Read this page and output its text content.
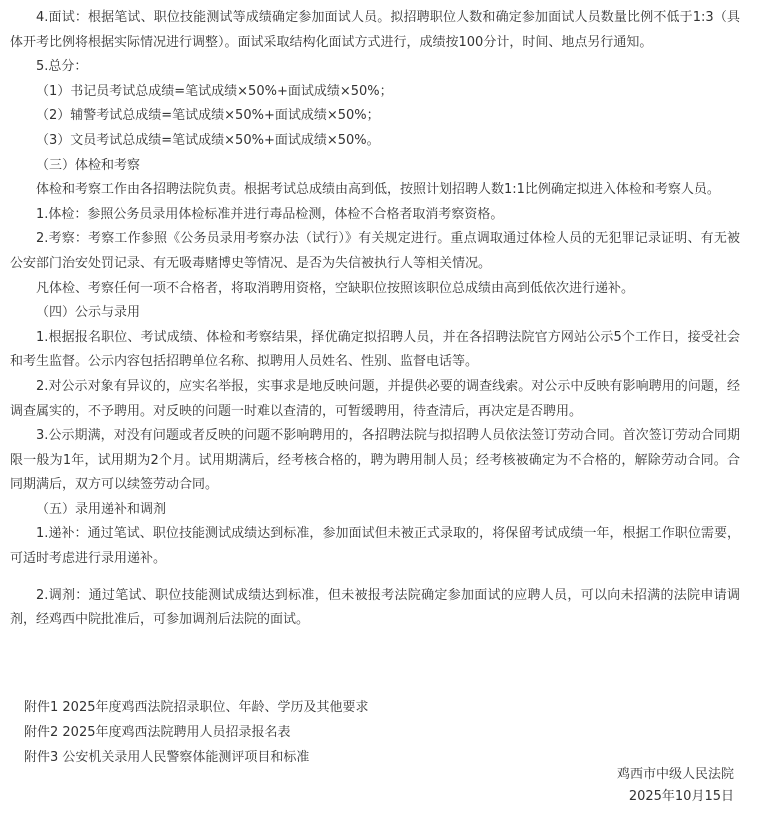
4.面试：根据笔试、职位技能测试等成绩确定参加面试人员。拟招聘职位人数和确定参加面试人员数量比例不低于1:3（具体开考比例将根据实际情况进行调整）。面试采取结构化面试方式进行，成绩按100分计，时间、地点另行通知。

5.总分：

（1）书记员考试总成绩=笔试成绩×50%+面试成绩×50%；

（2）辅警考试总成绩=笔试成绩×50%+面试成绩×50%；

（3）文员考试总成绩=笔试成绩×50%+面试成绩×50%。

（三）体检和考察

体检和考察工作由各招聘法院负责。根据考试总成绩由高到低，按照计划招聘人数1:1比例确定拟进入体检和考察人员。

1.体检：参照公务员录用体检标准并进行毒品检测，体检不合格者取消考察资格。

2.考察：考察工作参照《公务员录用考察办法（试行）》有关规定进行。重点调取通过体检人员的无犯罪记录证明、有无被公安部门治安处罚记录、有无吸毒赌博史等情况、是否为失信被执行人等相关情况。

凡体检、考察任何一项不合格者，将取消聘用资格，空缺职位按照该职位总成绩由高到低依次进行递补。

（四）公示与录用

1.根据报名职位、考试成绩、体检和考察结果，择优确定拟招聘人员，并在各招聘法院官方网站公示5个工作日，接受社会和考生监督。公示内容包括招聘单位名称、拟聘用人员姓名、性别、监督电话等。

2.对公示对象有异议的，应实名举报，实事求是地反映问题，并提供必要的调查线索。对公示中反映有影响聘用的问题，经调查属实的，不予聘用。对反映的问题一时难以查清的，可暂缓聘用，待查清后，再决定是否聘用。

3.公示期满，对没有问题或者反映的问题不影响聘用的，各招聘法院与拟招聘人员依法签订劳动合同。首次签订劳动合同期限一般为1年，试用期为2个月。试用期满后，经考核合格的，聘为聘用制人员；经考核被确定为不合格的，解除劳动合同。合同期满后，双方可以续签劳动合同。

（五）录用递补和调剂

1.递补：通过笔试、职位技能测试成绩达到标准，参加面试但未被正式录取的，将保留考试成绩一年，根据工作职位需要，可适时考虑进行录用递补。

2.调剂：通过笔试、职位技能测试成绩达到标准，但未被报考法院确定参加面试的应聘人员，可以向未招满的法院申请调剂，经鸡西中院批准后，可参加调剂后法院的面试。

附件1 2025年度鸡西法院招录职位、年龄、学历及其他要求
附件2 2025年度鸡西法院聘用人员招录报名表
附件3 公安机关录用人民警察体能测评项目和标准
鸡西市中级人民法院
2025年10月15日
